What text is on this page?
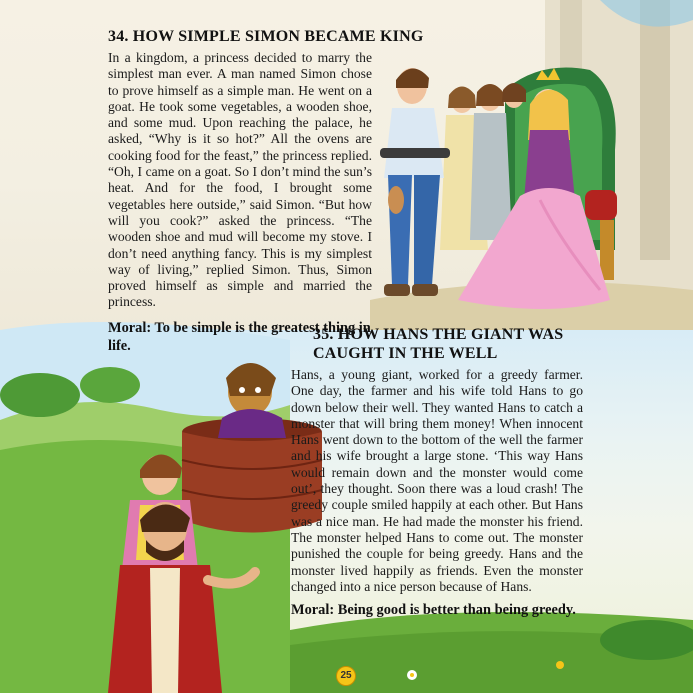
34. HOW SIMPLE SIMON BECAME KING

In a kingdom, a princess decided to marry the simplest man ever. A man named Simon chose to prove himself as a simple man. He went on a goat. He took some vegetables, a wooden shoe, and some mud. Upon reaching the palace, he asked, “Why is it so hot?” All the ovens are cooking food for the feast,” the princess replied. “Oh, I came on a goat. So I don’t mind the sun’s heat. And for the food, I brought some vegetables here outside,” said Simon. “But how will you cook?” asked the princess. “The wooden shoe and mud will become my stove. I don’t need anything fancy. This is my simplest way of living,” replied Simon. Thus, Simon proved himself as simple and married the princess.

Moral: To be simple is the greatest thing in life.

35. HOW HANS THE GIANT WAS CAUGHT IN THE WELL

Hans, a young giant, worked for a greedy farmer. One day, the farmer and his wife told Hans to go down below their well. They wanted Hans to catch a monster that will bring them money! When innocent Hans went down to the bottom of the well the farmer and his wife brought a large stone. ‘This way Hans would remain down and the monster would come out’, they thought. Soon there was a loud crash! The greedy couple smiled happily at each other. But Hans was a nice man. He had made the monster his friend. The monster helped Hans to come out. The monster punished the couple for being greedy. Hans and the monster lived happily as friends. Even the monster changed into a nice person because of Hans.

Moral: Being good is better than being greedy.

25
